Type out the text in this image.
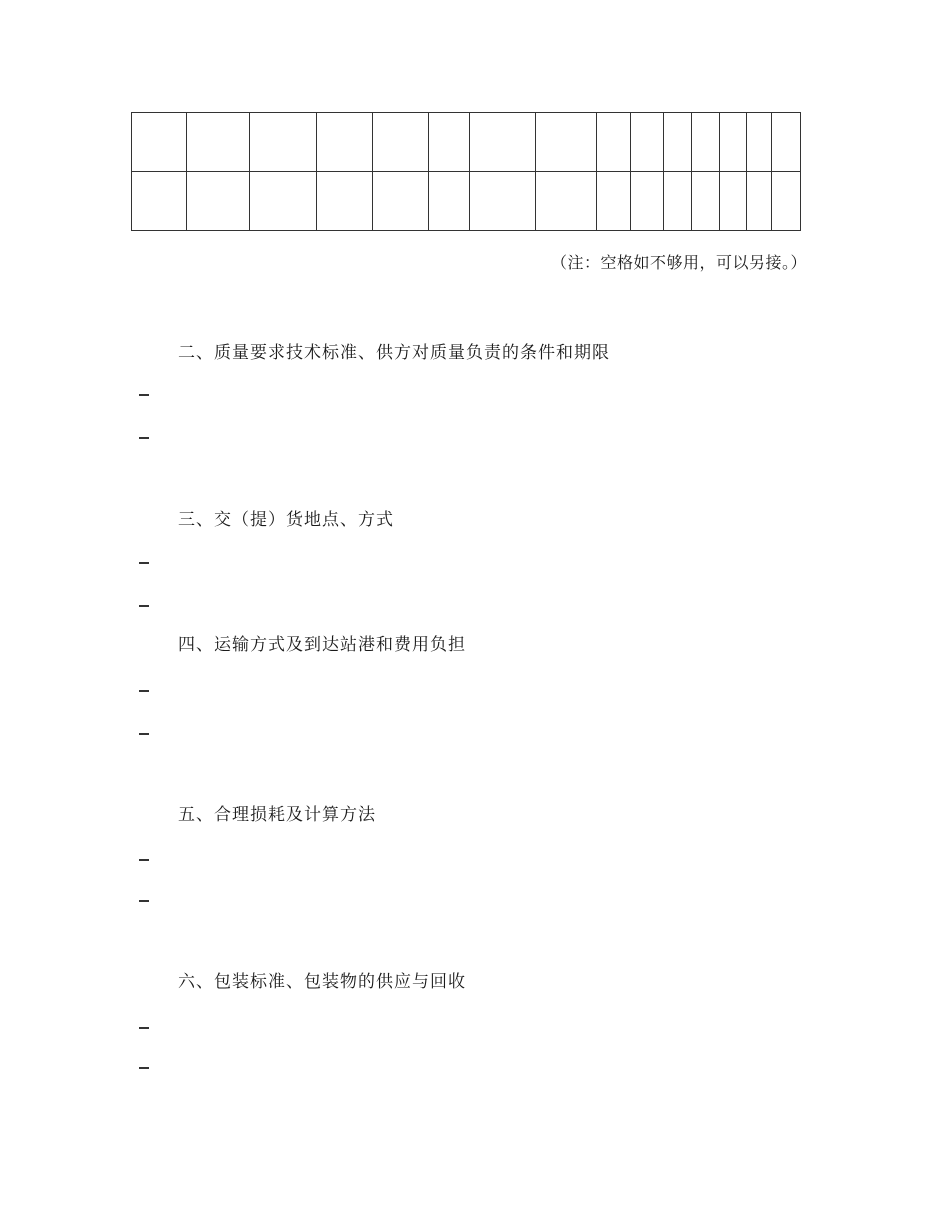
（注：空格如不够用，可以另接。）
二、质量要求技术标准、供方对质量负责的条件和期限
三、交（提）货地点、方式
四、运输方式及到达站港和费用负担
五、合理损耗及计算方法
六、包装标准、包装物的供应与回收
